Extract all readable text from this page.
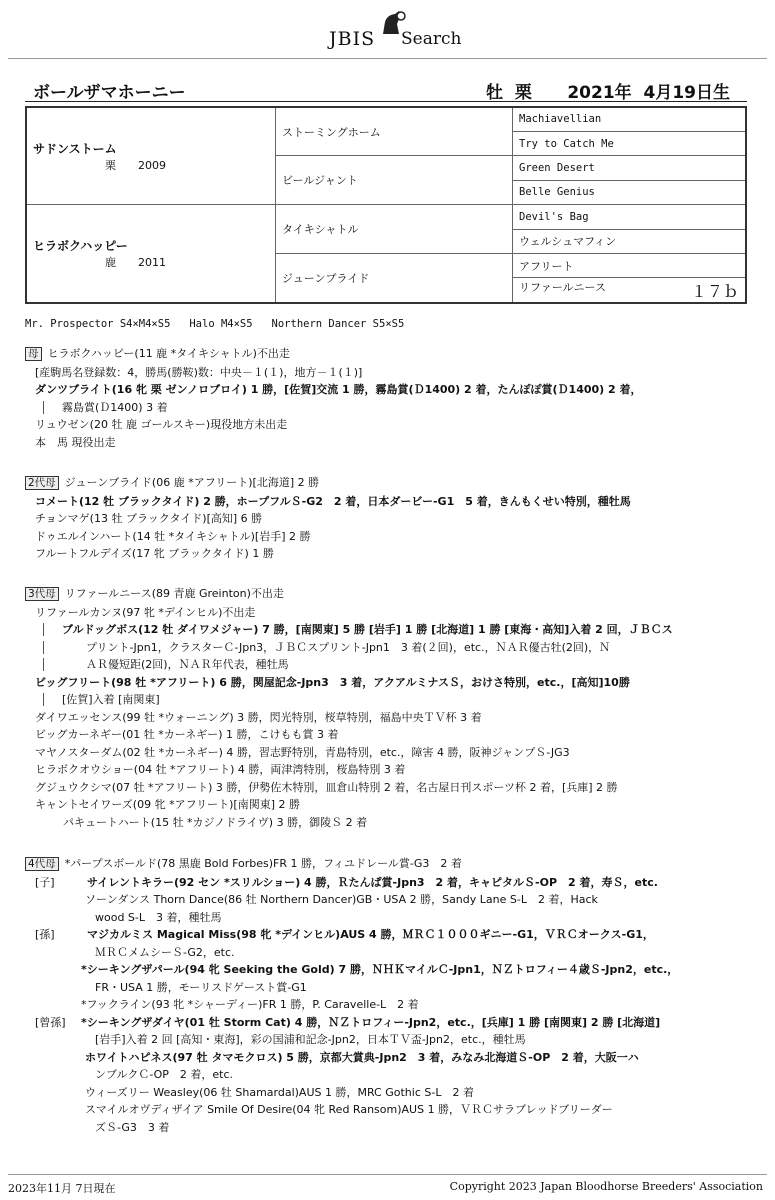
JBIS Search
ボールザマホーニー	牡  栗      2021年  4月19日生
サドンストーム
栗 2009	ストーミングホーム	Machiavellian
		Try to Catch Me
	ビールジャント	Green Desert
		Belle Genius

ヒラボクハッピー
鹿 2011	タイキシャトル	Devil's Bag
		ウェルシュマフィン
	ジューンブライド	アフリート
		リファールニース １７ｂ
Mr. Prospector S4×M4×S5   Halo M4×S5   Northern Dancer S5×S5
母 ヒラボクハッピー(11 鹿 *タイキシャトル)不出走
[産駒馬名登録数：4，勝馬(勝鞍)数：中央－１(１)，地方－１(１)]
ダンツブライト(16 牝 栗 ゼンノロブロイ) 1 勝，[佐賀]交流 1 勝，霧島賞(Ｄ1400) 2 着，たんぽぽ賞(Ｄ1400) 2 着，
霧島賞(Ｄ1400) 3 着
リュウゼン(20 牡 鹿 ゴールスキー)現役地方未出走
本　馬 現役出走
2代母 ジューンブライド(06 鹿 *アフリート)[北海道] 2 勝
コメート(12 牡 ブラックタイド) 2 勝，ホープフルＳ-G2　2 着，日本ダービー-G1　5 着，きんもくせい特別，種牡馬
チョンマゲ(13 牡 ブラックタイド)[高知] 6 勝
ドゥエルインハート(14 牡 *タイキシャトル)[岩手] 2 勝
フルートフルデイズ(17 牝 ブラックタイド) 1 勝
3代母 リファールニース(89 青鹿 Greinton)不出走
リファールカンヌ(97 牝 *デインヒル)不出走
ブルドッグボス(12 牡 ダイワメジャー) 7 勝，[南関東] 5 勝 [岩手] 1 勝 [北海道] 1 勝 [東海・高知]入着 2 回，ＪＢＣス
プリント-Jpn1，クラスターＣ-Jpn3，ＪＢＣスプリント-Jpn1　3 着(２回)，etc.，ＮＡＲ優古牡(2回)，Ｎ
ＡＲ優短距(2回)，ＮＡＲ年代表，種牡馬
ビッグフリート(98 牡 *アフリート) 6 勝，関屋記念-Jpn3　3 着，アクアルミナスＳ，おけさ特別，etc.，[高知]10勝
[佐賀]入着 [南関東]
ダイワエッセンス(99 牡 *ウォーニング) 3 勝，閃光特別，桜草特別，福島中央ＴＶ杯 3 着
ビッグカーネギー(01 牡 *カーネギー) 1 勝，こけもも賞 3 着
マヤノスターダム(02 牡 *カーネギー) 4 勝，習志野特別，青島特別，etc.，障害 4 勝，阪神ジャンプＳ-JG3
ヒラボクオウショー(04 牡 *アフリート) 4 勝，両津湾特別，桜島特別 3 着
グジュウクシマ(07 牡 *アフリート) 3 勝，伊勢佐木特別，皿倉山特別 2 着，名古屋日刊スポーツ杯 2 着，[兵庫] 2 勝
キャントセイワーズ(09 牝 *アフリート)[南関東] 2 勝
パキュートハート(15 牡 *カジノドライヴ) 3 勝，御陵Ｓ 2 着
4代母 *パープスボールド(78 黒鹿 Bold Forbes)FR 1 勝，フィユドレール賞-G3　2 着
[子]	サイレントキラー(92 セン *スリルショー) 4 勝，Ｒたんぱ賞-Jpn3　2 着，キャピタルＳ-OP　2 着，寿Ｓ，etc.
ソーンダンス Thorn Dance(86 牡 Northern Dancer)GB・USA 2 勝，Sandy Lane S-L　2 着，Hack
wood S-L　3 着，種牡馬
[孫]	マジカルミス Magical Miss(98 牝 *デインヒル)AUS 4 勝，ＭＲＣ１０００ギニー-G1，ＶＲＣオークス-G1，
ＭＲＣメムシーＳ-G2，etc.
*シーキングザパール(94 牝 Seeking the Gold) 7 勝，ＮＨＫマイルＣ-Jpn1，ＮＺトロフィー４歳Ｓ-Jpn2，etc.，
FR・USA 1 勝，モーリスドゲースト賞-G1
*フックライン(93 牝 *シャーディー)FR 1 勝，P. Caravelle-L　2 着
[曾孫] *シーキングザダイヤ(01 牡 Storm Cat) 4 勝，ＮＺトロフィー-Jpn2，etc.，[兵庫] 1 勝 [南関東] 2 勝 [北海道]
[岩手]入着 2 回 [高知・東海]，彩の国浦和記念-Jpn2，日本ＴＶ盃-Jpn2，etc.，種牡馬
ホワイトハピネス(97 牡 タマモクロス) 5 勝，京都大賞典-Jpn2　3 着，みなみ北海道Ｓ-OP　2 着，大阪一ハ
ンブルクＣ-OP　2 着，etc.
ウィーズリー Weasley(06 牡 Shamardal)AUS 1 勝，MRC Gothic S-L　2 着
スマイルオヴディザイア Smile Of Desire(04 牝 Red Ransom)AUS 1 勝，ＶＲＣサラブレッドブリーダー
ズＳ-G3　3 着
2023年11月 7日現在	Copyright 2023 Japan Bloodhorse Breeders' Association
